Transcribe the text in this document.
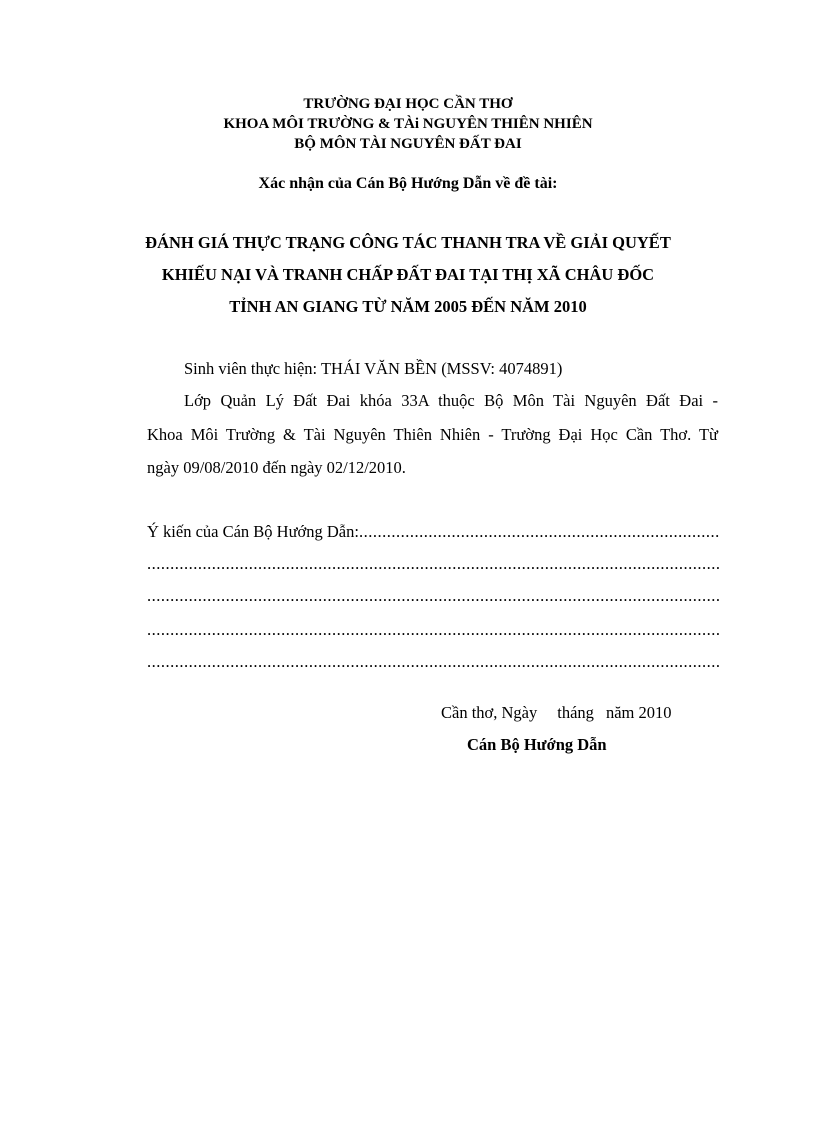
TRƯỜNG ĐẠI HỌC CẦN THƠ
KHOA MÔI TRƯỜNG & TÀi NGUYÊN THIÊN NHIÊN
BỘ MÔN TÀI NGUYÊN ĐẤT ĐAI
Xác nhận của Cán Bộ Hướng Dẫn về đề tài:
ĐÁNH GIÁ THỰC TRẠNG CÔNG TÁC THANH TRA VỀ GIẢI QUYẾT
KHIẾU NẠI VÀ TRANH CHẤP ĐẤT ĐAI TẠI THỊ XÃ CHÂU ĐỐC
TỈNH AN GIANG TỪ NĂM 2005 ĐẾN NĂM 2010
Sinh viên thực hiện: THÁI VĂN BỀN (MSSV: 4074891)
Lớp Quản Lý Đất Đai khóa 33A thuộc Bộ Môn Tài Nguyên Đất Đai -
Khoa Môi Trường & Tài Nguyên Thiên Nhiên - Trường Đại Học Cần Thơ. Từ
ngày 09/08/2010 đến ngày 02/12/2010.
Ý kiến của Cán Bộ Hướng Dẫn:
.....
.....
.....
.....
.....
Cần thơ, Ngày tháng năm 2010
Cán Bộ Hướng Dẫn
